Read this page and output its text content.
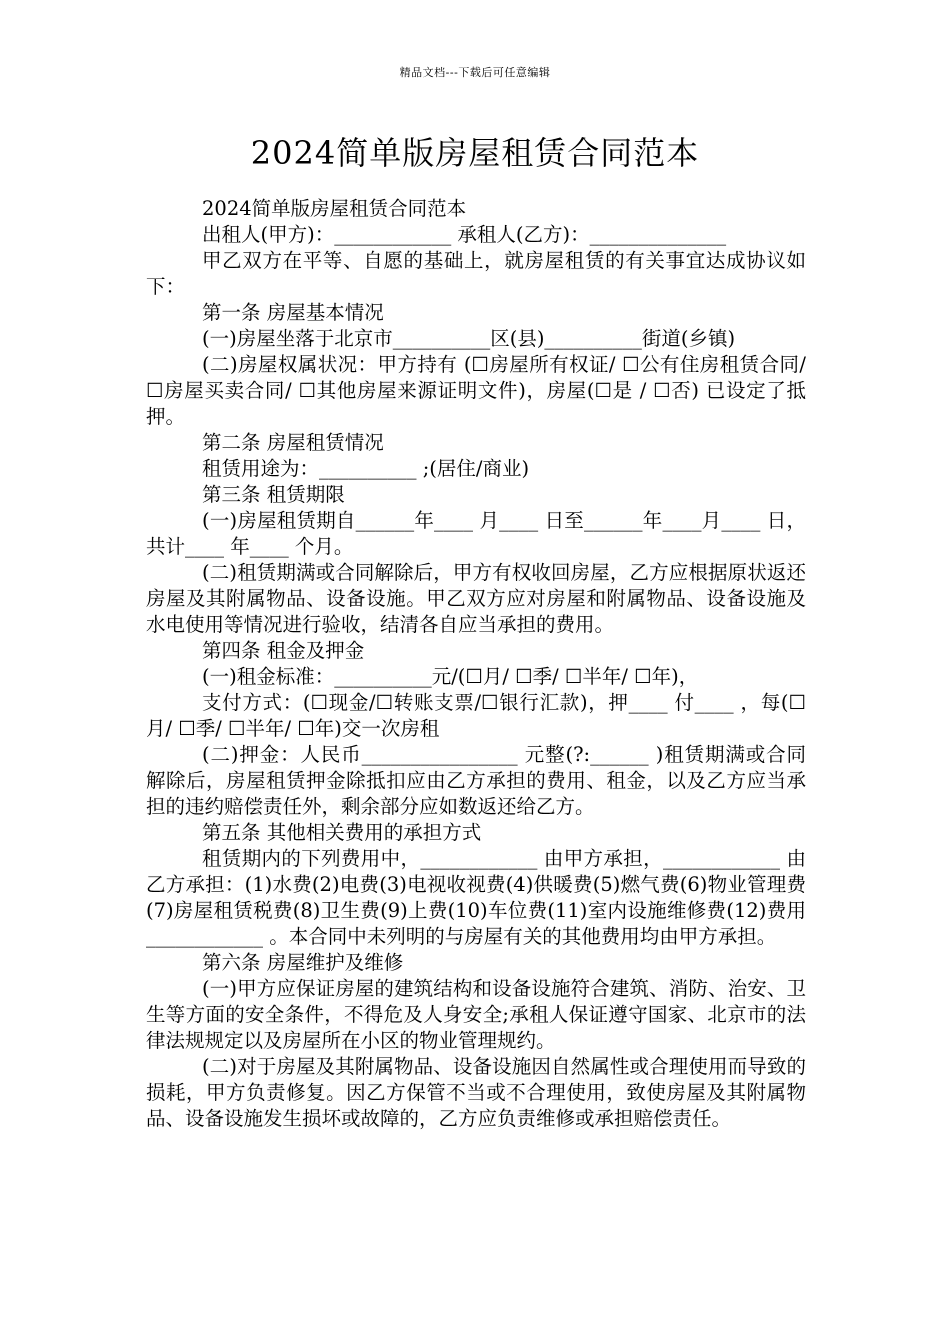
精品文档---下载后可任意编辑
2024简单版房屋租赁合同范本

2024简单版房屋租赁合同范本

出租人(甲方)：____________ 承租人(乙方)：______________

甲乙双方在平等、自愿的基础上，就房屋租赁的有关事宜达成协议如下：

第一条 房屋基本情况

(一)房屋坐落于北京市__________区(县)__________街道(乡镇)

(二)房屋权属状况：甲方持有 (☐房屋所有权证/ ☐公有住房租赁合同/ ☐房屋买卖合同/ ☐其他房屋来源证明文件)，房屋(☐是 / ☐否) 已设定了抵押。

第二条 房屋租赁情况

租赁用途为：__________ ;(居住/商业)

第三条 租赁期限

(一)房屋租赁期自______年____ 月____ 日至______年____月____ 日，共计____ 年____ 个月。

(二)租赁期满或合同解除后，甲方有权收回房屋，乙方应根据原状返还房屋及其附属物品、设备设施。甲乙双方应对房屋和附属物品、设备设施及水电使用等情况进行验收，结清各自应当承担的费用。

第四条 租金及押金

(一)租金标准：__________元/(☐月/ ☐季/ ☐半年/ ☐年)，

支付方式：(☐现金/☐转账支票/☐银行汇款)，押____ 付____ ，每(☐月/ ☐季/ ☐半年/ ☐年)交一次房租

(二)押金：人民币________________ 元整(?:______ )租赁期满或合同解除后，房屋租赁押金除抵扣应由乙方承担的费用、租金，以及乙方应当承担的违约赔偿责任外，剩余部分应如数返还给乙方。

第五条 其他相关费用的承担方式

租赁期内的下列费用中，____________ 由甲方承担，____________ 由乙方承担：(1)水费(2)电费(3)电视收视费(4)供暖费(5)燃气费(6)物业管理费(7)房屋租赁税费(8)卫生费(9)上费(10)车位费(11)室内设施维修费(12)费用____________ 。本合同中未列明的与房屋有关的其他费用均由甲方承担。

第六条 房屋维护及维修

(一)甲方应保证房屋的建筑结构和设备设施符合建筑、消防、治安、卫生等方面的安全条件，不得危及人身安全;承租人保证遵守国家、北京市的法律法规规定以及房屋所在小区的物业管理规约。

(二)对于房屋及其附属物品、设备设施因自然属性或合理使用而导致的损耗，甲方负责修复。因乙方保管不当或不合理使用，致使房屋及其附属物品、设备设施发生损坏或故障的，乙方应负责维修或承担赔偿责任。
